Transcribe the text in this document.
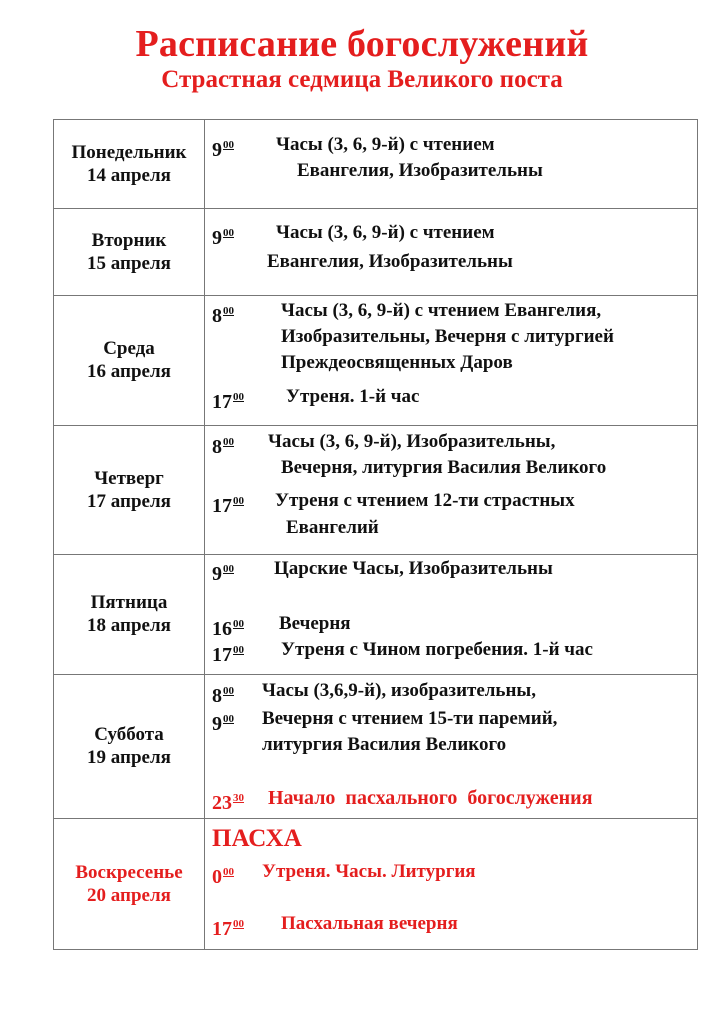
Расписание богослужений
Страстная седмица Великого поста
Понедельник
14 апреля
$9^{00}$ Часы (3, 6, 9-й) с чтением
Евангелия, Изобразительны
Вторник
15 апреля
$9^{00}$ Часы (3, 6, 9-й) с чтением
Евангелия, Изобразительны
Среда
16 апреля
$8^{00}$ Часы (3, 6, 9-й) с чтением Евангелия,
Изобразительны, Вечерня с литургией
Преждеосвященных Даров
$17^{00}$ Утреня. 1-й час
Четверг
17 апреля
$8^{00}$ Часы (3, 6, 9-й), Изобразительны,
Вечерня, литургия Василия Великого
$17^{00}$ Утреня с чтением 12-ти страстных
Евангелий
Пятница
18 апреля
$9^{00}$ Царские Часы, Изобразительны
$16^{00}$ Вечерня
$17^{00}$ Утреня с Чином погребения. 1-й час
Суббота
19 апреля
$8^{00}$ Часы (3,6,9-й), изобразительны,
$9^{00}$ Вечерня с чтением 15-ти паремий,
литургия Василия Великого
$23^{30}$ Начало  пасхального  богослужения
Воскресенье
20 апреля
ПАСХА
$0^{00}$ Утреня. Часы. Литургия
$17^{00}$ Пасхальная вечерня
